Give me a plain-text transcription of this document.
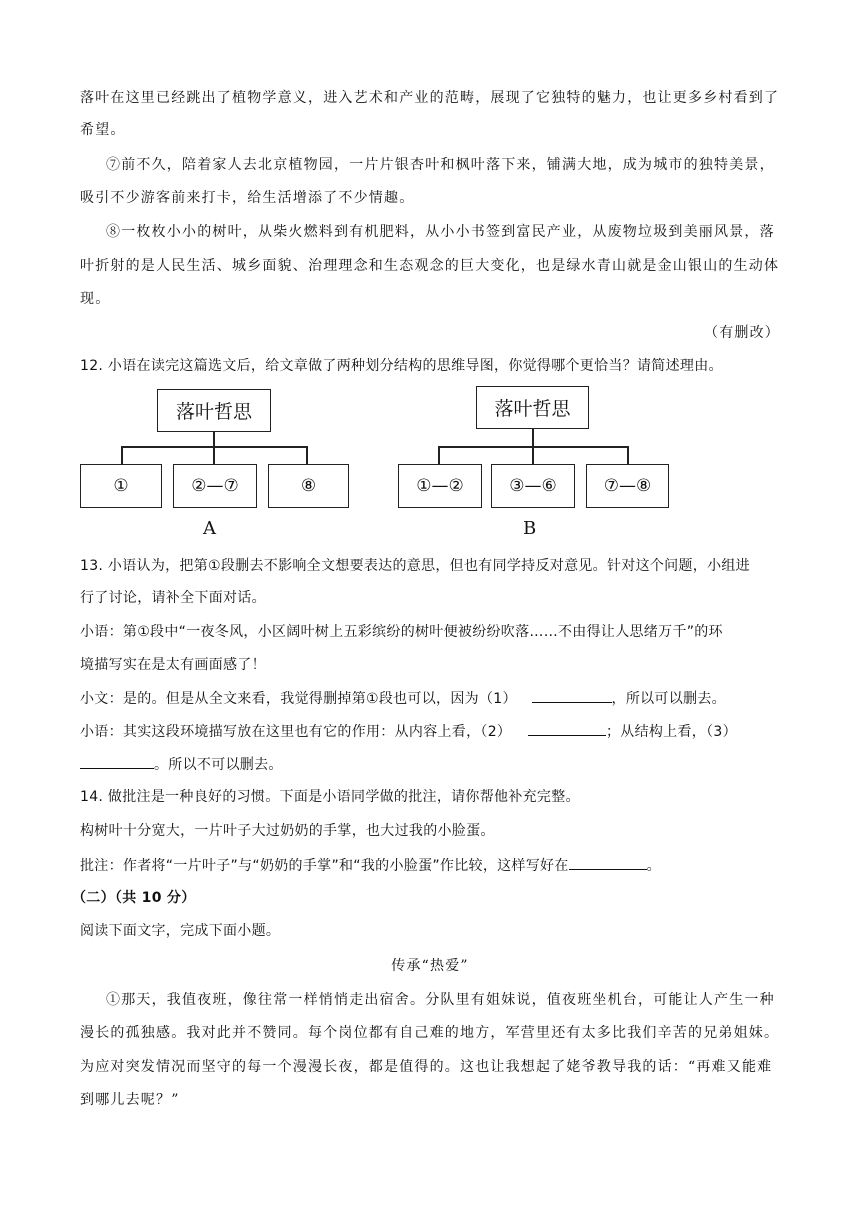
落叶在这里已经跳出了植物学意义，进入艺术和产业的范畴，展现了它独特的魅力，也让更多乡村看到了
希望。
⑦前不久，陪着家人去北京植物园，一片片银杏叶和枫叶落下来，铺满大地，成为城市的独特美景，
吸引不少游客前来打卡，给生活增添了不少情趣。
⑧一枚枚小小的树叶，从柴火燃料到有机肥料，从小小书签到富民产业，从废物垃圾到美丽风景，落
叶折射的是人民生活、城乡面貌、治理理念和生态观念的巨大变化，也是绿水青山就是金山银山的生动体
现。
（有删改）
12. 小语在读完这篇选文后，给文章做了两种划分结构的思维导图，你觉得哪个更恰当？请简述理由。
落叶哲思
①	②—⑦	⑧
A
落叶哲思
①—②	③—⑥	⑦—⑧
B
13. 小语认为，把第①段删去不影响全文想要表达的意思，但也有同学持反对意见。针对这个问题，小组进
行了讨论，请补全下面对话。
小语：第①段中“一夜冬风，小区阔叶树上五彩缤纷的树叶便被纷纷吹落……不由得让人思绪万千”的环
境描写实在是太有画面感了！
小文：是的。但是从全文来看，我觉得删掉第①段也可以，因为（1）	，所以可以删去。
小语：其实这段环境描写放在这里也有它的作用：从内容上看，（2）	；从结构上看，（3）
。所以不可以删去。
14. 做批注是一种良好的习惯。下面是小语同学做的批注，请你帮他补充完整。
构树叶十分宽大，一片叶子大过奶奶的手掌，也大过我的小脸蛋。
批注：作者将“一片叶子”与“奶奶的手掌”和“我的小脸蛋”作比较，这样写好在	。
（二）（共 10 分）
阅读下面文字，完成下面小题。
传承“热爱”
①那天，我值夜班，像往常一样悄悄走出宿舍。分队里有姐妹说，值夜班坐机台，可能让人产生一种
漫长的孤独感。我对此并不赞同。每个岗位都有自己难的地方，军营里还有太多比我们辛苦的兄弟姐妹。
为应对突发情况而坚守的每一个漫漫长夜，都是值得的。这也让我想起了姥爷教导我的话：“再难又能难
到哪儿去呢？”
